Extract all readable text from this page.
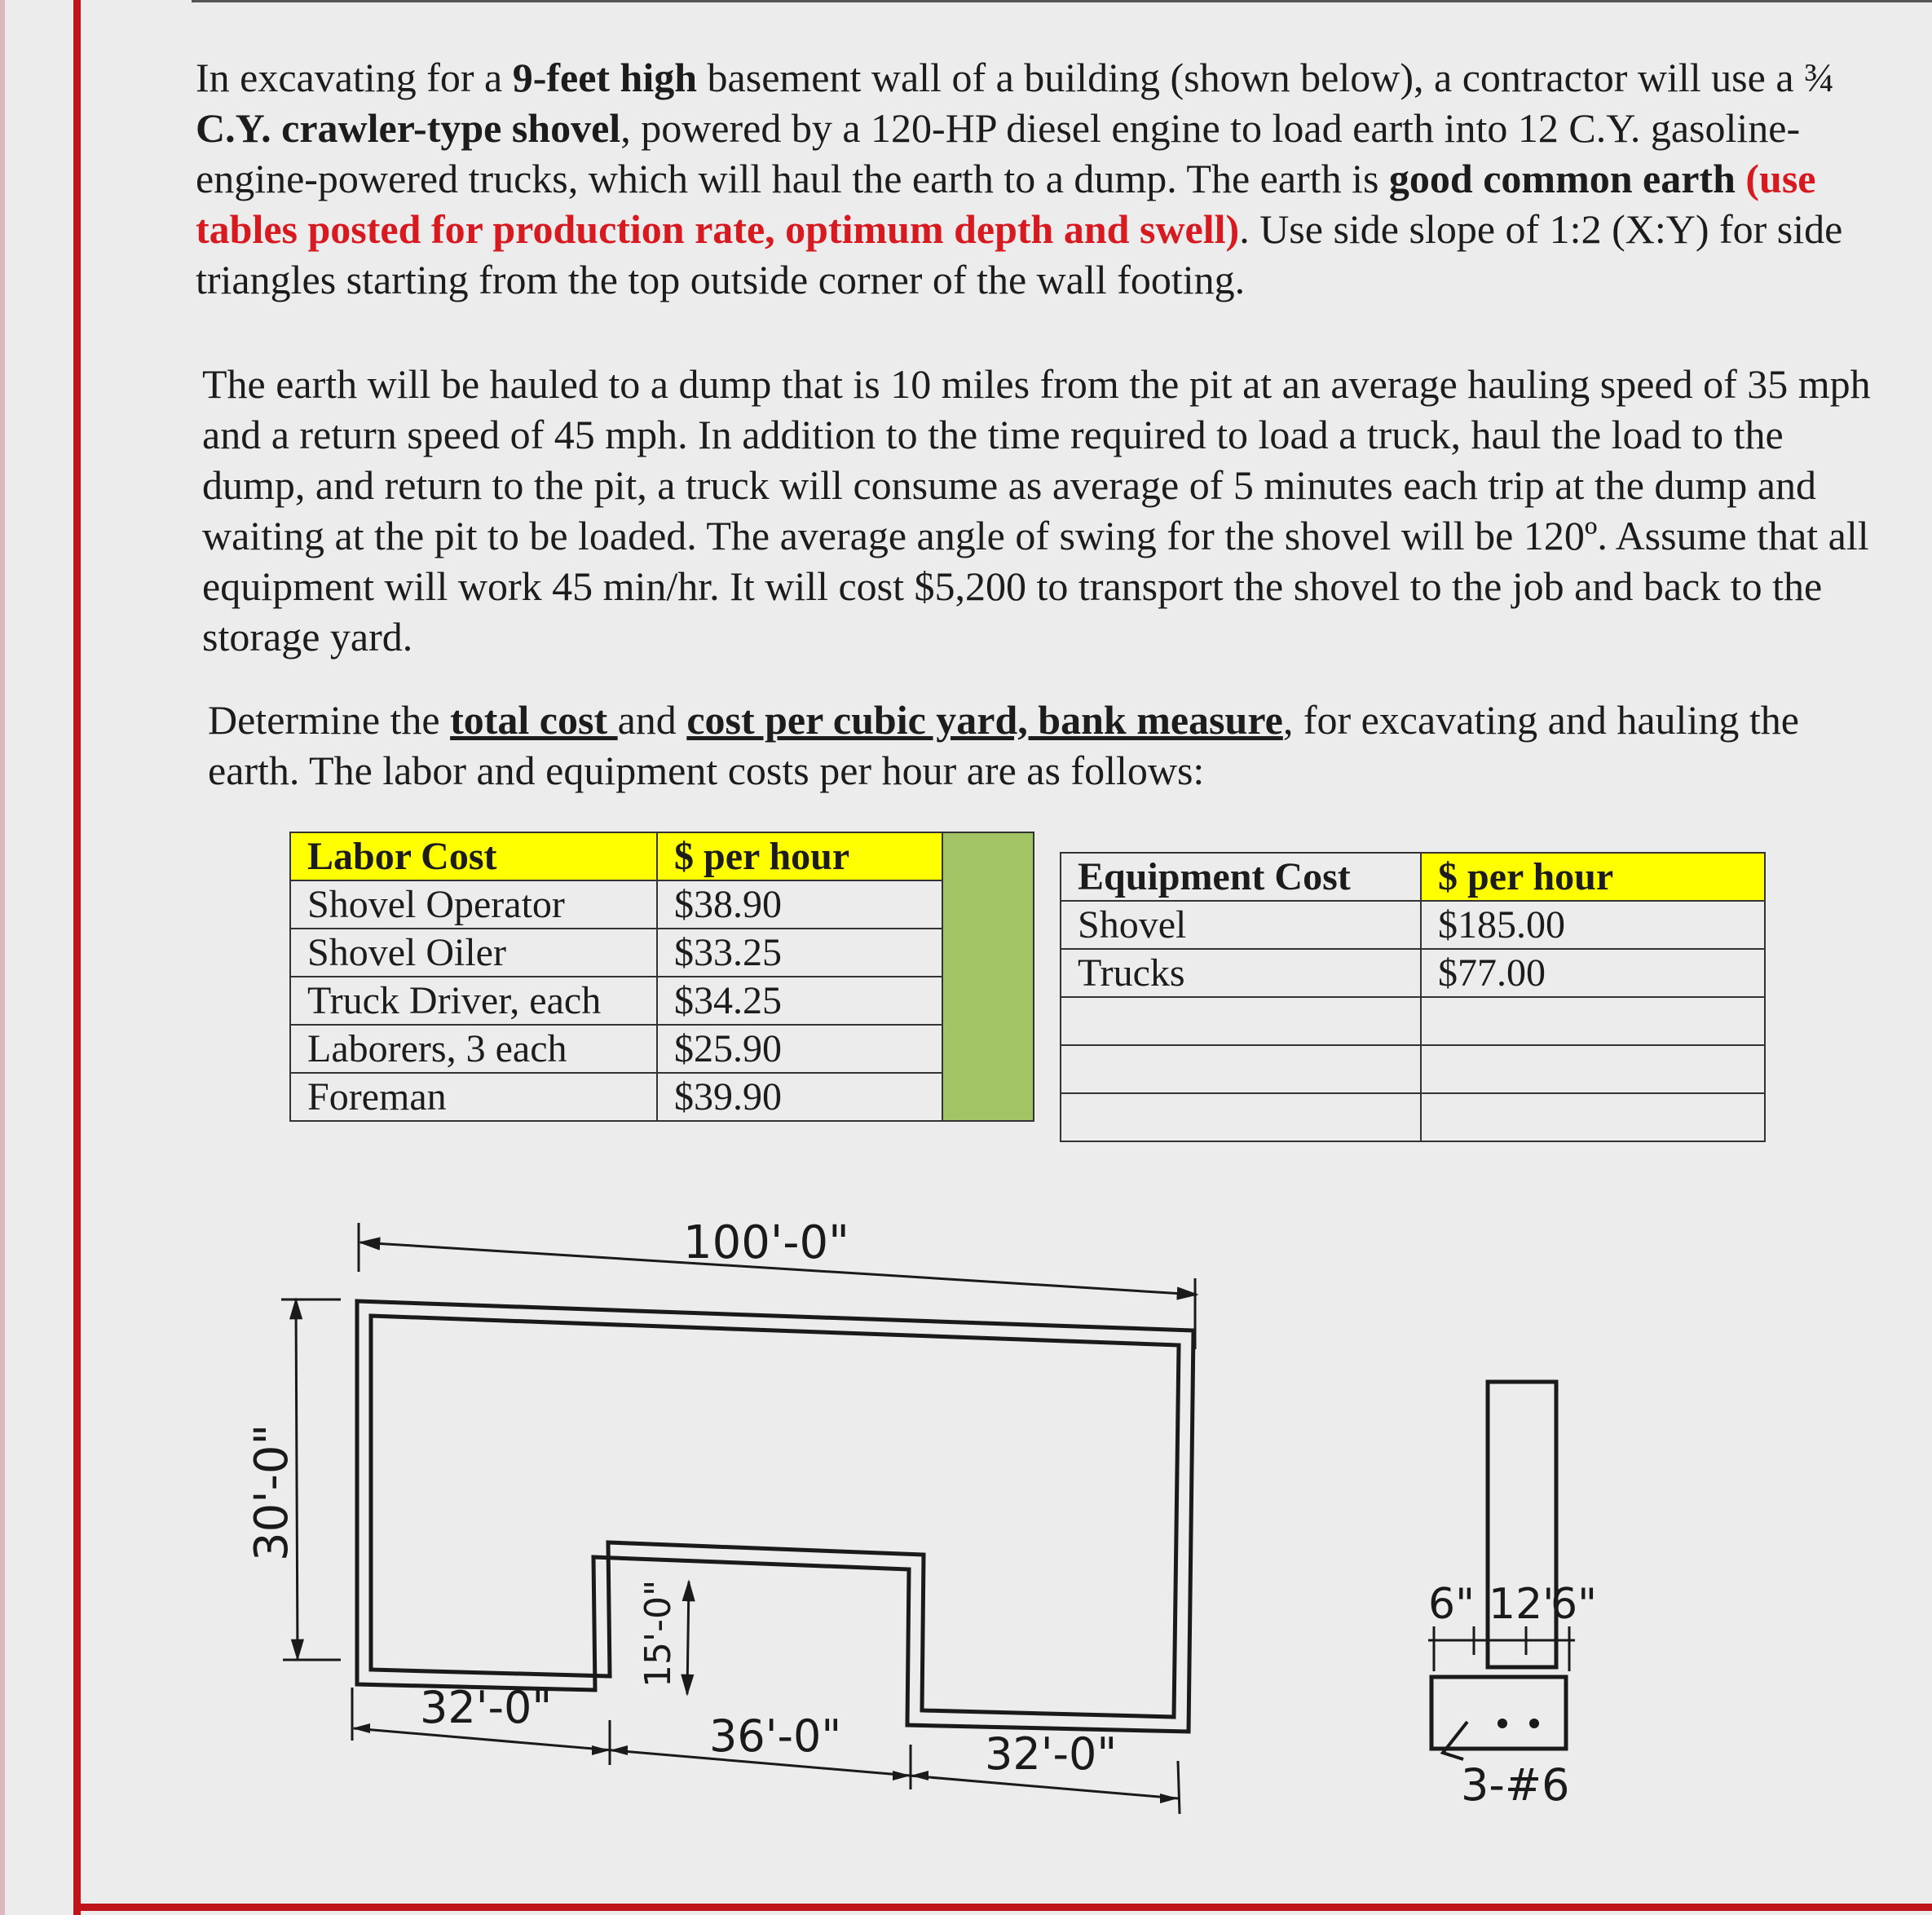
In excavating for a 9-feet high basement wall of a building (shown below), a contractor will use a ¾ C.Y. crawler-type shovel, powered by a 120-HP diesel engine to load earth into 12 C.Y. gasoline-engine-powered trucks, which will haul the earth to a dump. The earth is good common earth (use tables posted for production rate, optimum depth and swell). Use side slope of 1:2 (X:Y) for side triangles starting from the top outside corner of the wall footing.

The earth will be hauled to a dump that is 10 miles from the pit at an average hauling speed of 35 mph and a return speed of 45 mph. In addition to the time required to load a truck, haul the load to the dump, and return to the pit, a truck will consume as average of 5 minutes each trip at the dump and waiting at the pit to be loaded. The average angle of swing for the shovel will be 120º. Assume that all equipment will work 45 min/hr. It will cost $5,200 to transport the shovel to the job and back to the storage yard.

Determine the total cost and cost per cubic yard, bank measure, for excavating and hauling the earth. The labor and equipment costs per hour are as follows:

Labor Cost	$ per hour	
Shovel Operator	$38.90	
Shovel Oiler	$33.25	
Truck Driver, each	$34.25	
Laborers, 3 each	$25.90	
Foreman	$39.90	
Equipment Cost	$ per hour
Shovel	$185.00
Trucks	$77.00

100'-0"
30'-0"
15'-0"
32'-0"
36'-0"	32'-0"
6" 12"
6"
3-#6
